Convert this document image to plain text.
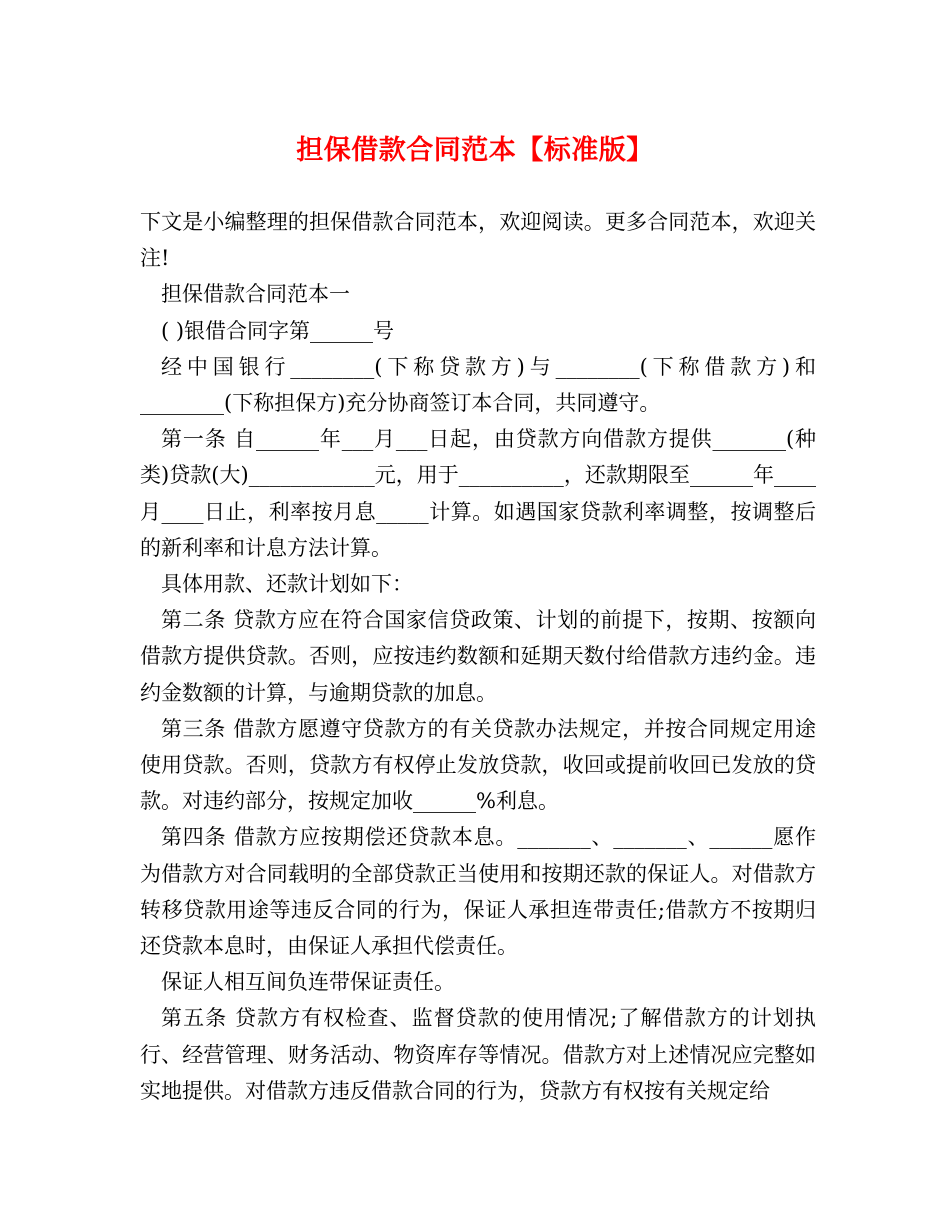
担保借款合同范本【标准版】

下文是小编整理的担保借款合同范本，欢迎阅读。更多合同范本，欢迎关注!

担保借款合同范本一

( )银借合同字第______号

经中国银行________(下称贷款方)与________(下称借款方)和________(下称担保方)充分协商签订本合同，共同遵守。

第一条 自______年___月___日起，由贷款方向借款方提供_______(种类)贷款(大)____________元，用于__________，还款期限至______年____月____日止，利率按月息_____计算。如遇国家贷款利率调整，按调整后的新利率和计息方法计算。

具体用款、还款计划如下：

第二条 贷款方应在符合国家信贷政策、计划的前提下，按期、按额向借款方提供贷款。否则，应按违约数额和延期天数付给借款方违约金。违约金数额的计算，与逾期贷款的加息。

第三条 借款方愿遵守贷款方的有关贷款办法规定，并按合同规定用途使用贷款。否则，贷款方有权停止发放贷款，收回或提前收回已发放的贷款。对违约部分，按规定加收______%利息。

第四条 借款方应按期偿还贷款本息。_______、_______、______愿作为借款方对合同载明的全部贷款正当使用和按期还款的保证人。对借款方转移贷款用途等违反合同的行为，保证人承担连带责任;借款方不按期归还贷款本息时，由保证人承担代偿责任。

保证人相互间负连带保证责任。

第五条 贷款方有权检查、监督贷款的使用情况;了解借款方的计划执行、经营管理、财务活动、物资库存等情况。借款方对上述情况应完整如实地提供。对借款方违反借款合同的行为，贷款方有权按有关规定给
